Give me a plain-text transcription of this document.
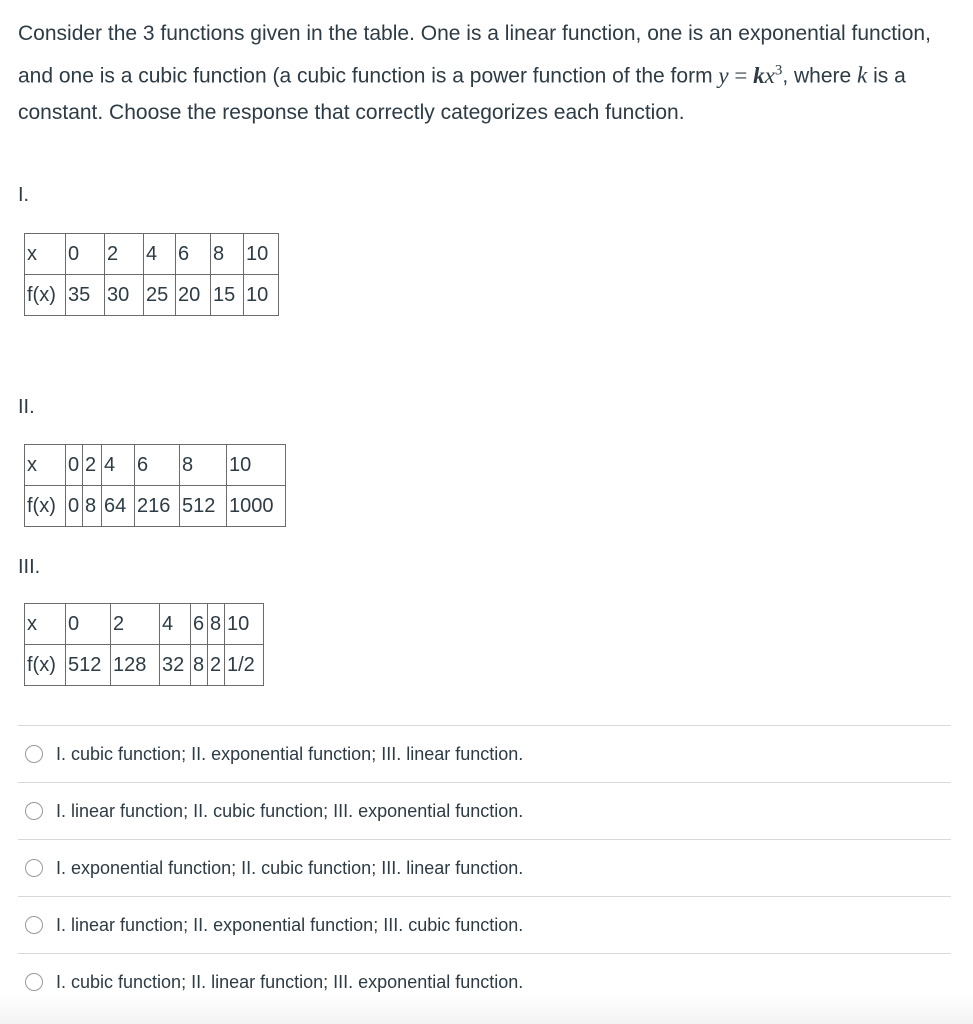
Consider the 3 functions given in the table. One is a linear function, one is an exponential function, and one is a cubic function (a cubic function is a power function of the form $y = kx^3$, where k is a constant. Choose the response that correctly categorizes each function.
I.
x	0	2	4	6	8	10
f(x)	35	30	25	20	15	10
II.
x	0	2	4	6	8	10
f(x)	0	8	64	216	512	1000
III.
x	0	2	4	6	8	10
f(x)	512	128	32	8	2	1/2
I. cubic function; II. exponential function; III. linear function.
I. linear function; II. cubic function; III. exponential function.
I. exponential function; II. cubic function; III. linear function.
I. linear function; II. exponential function; III. cubic function.
I. cubic function; II. linear function; III. exponential function.
